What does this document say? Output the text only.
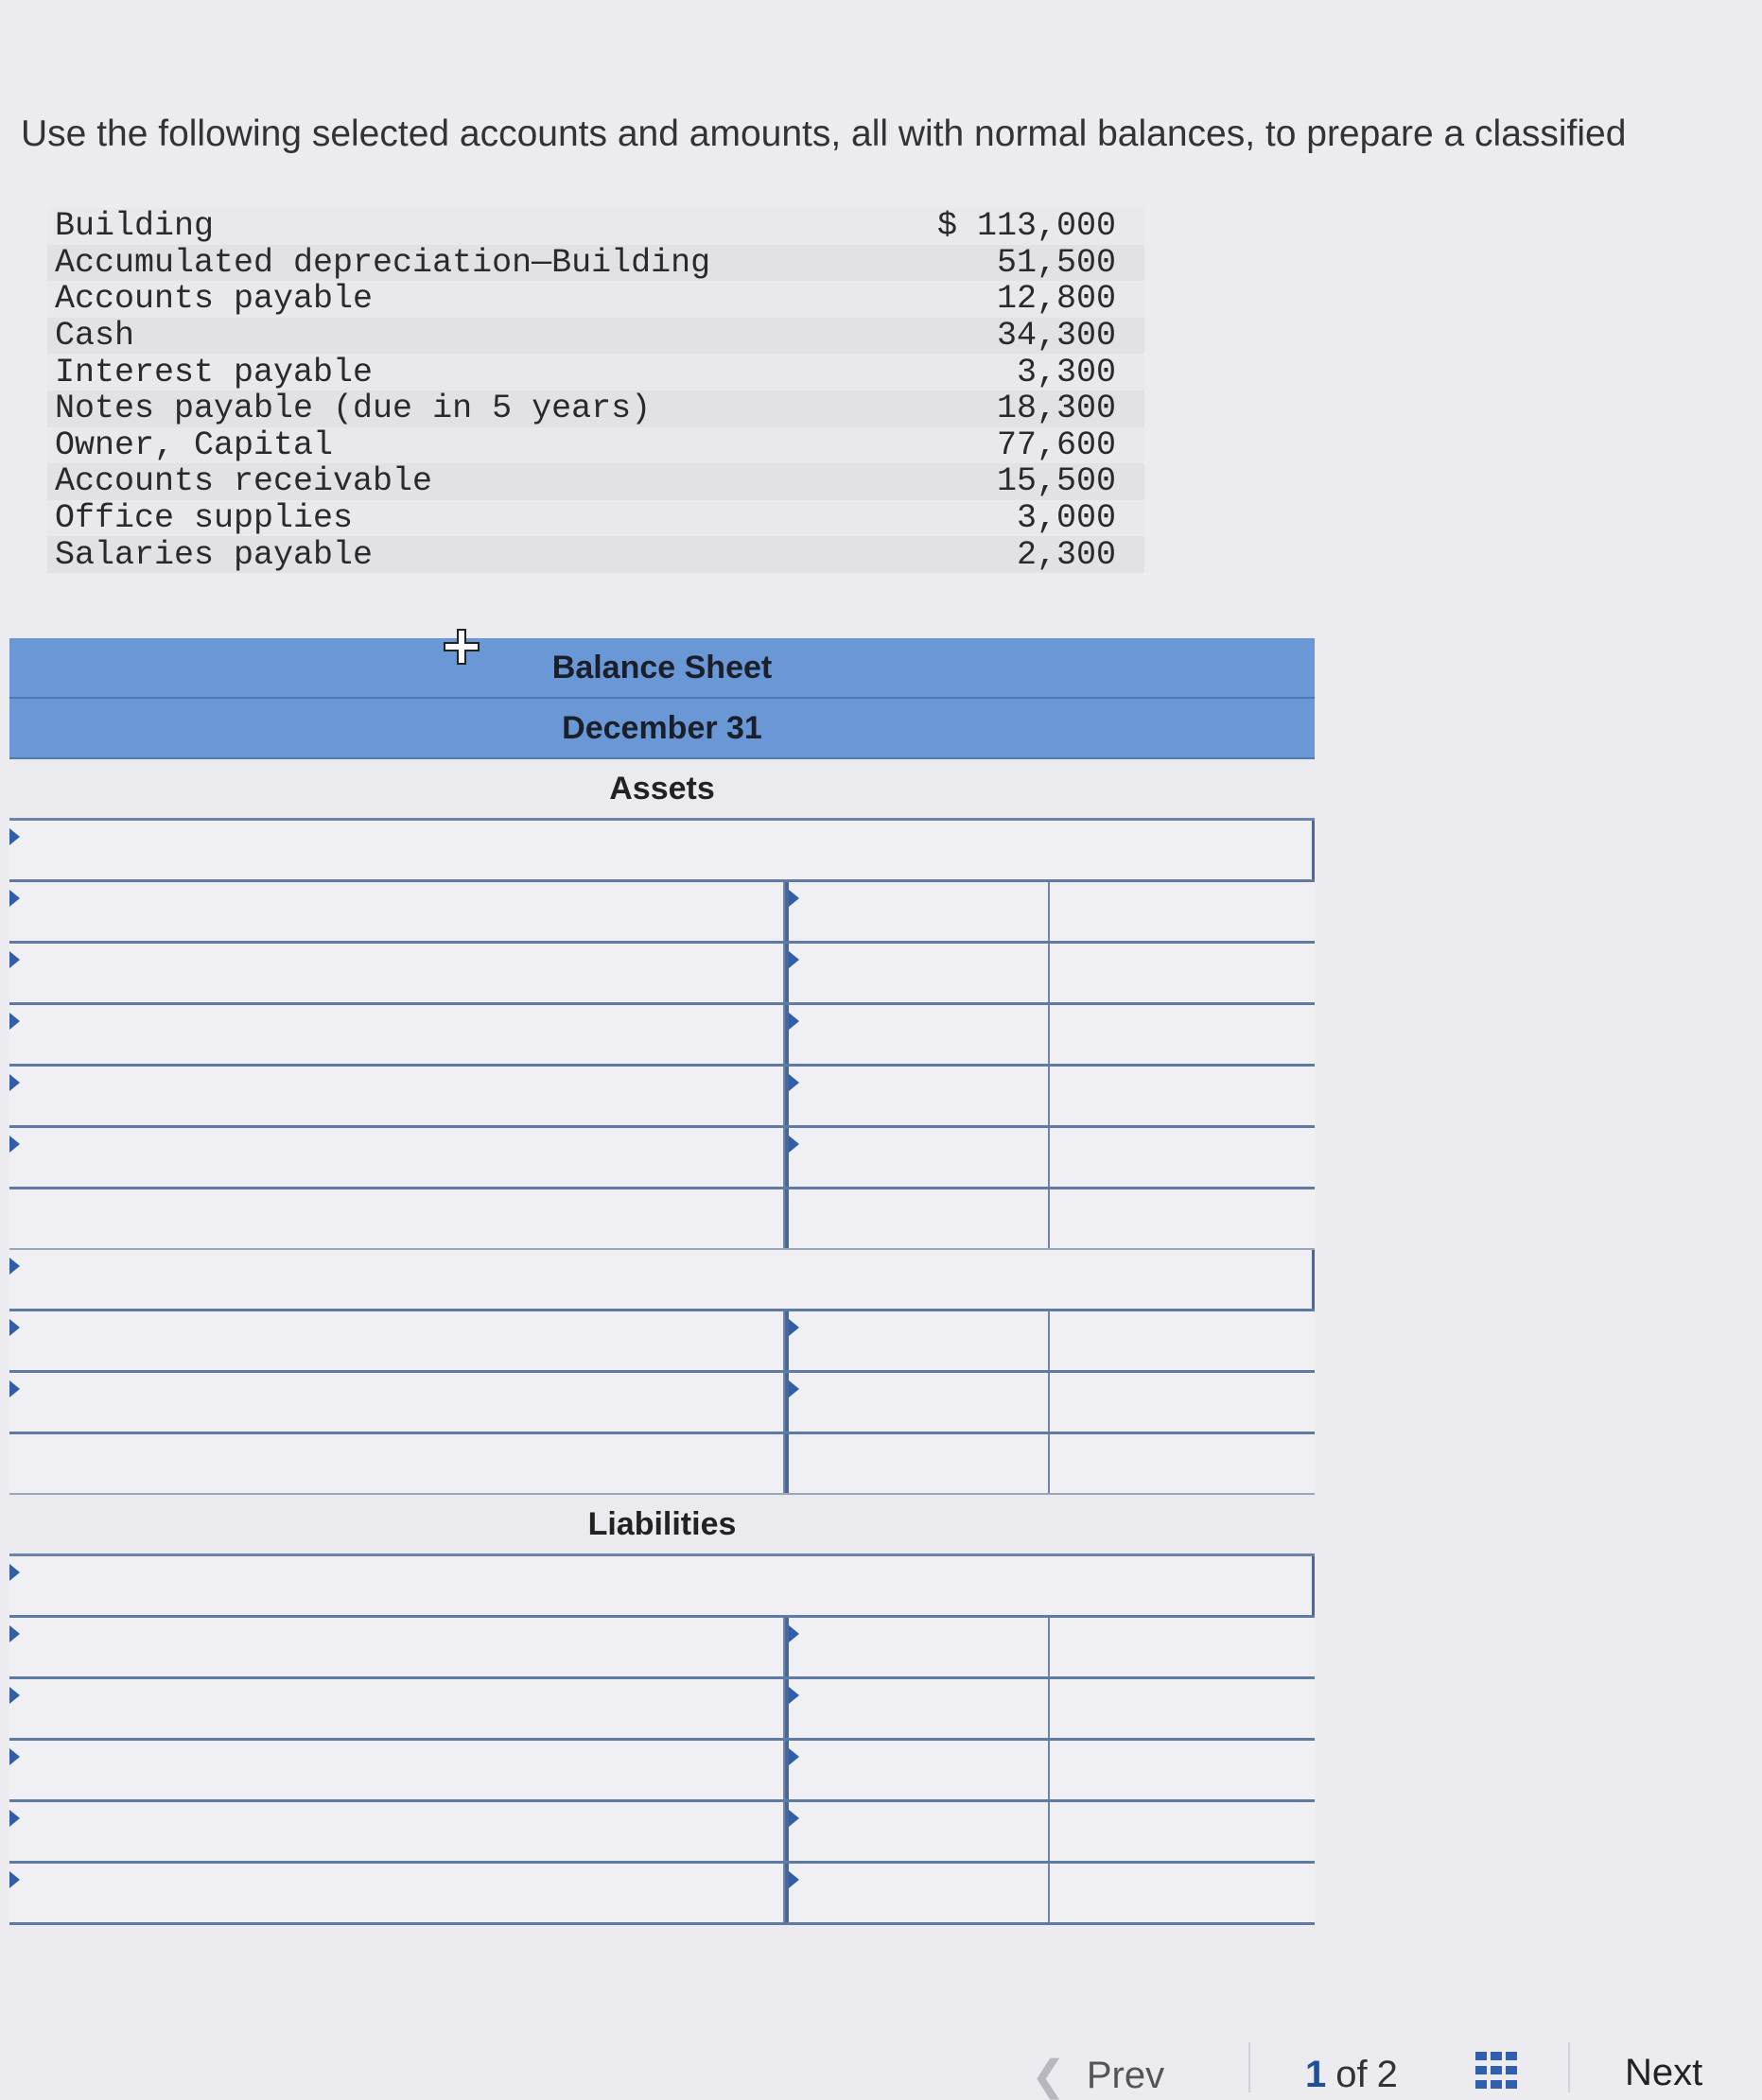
Use the following selected accounts and amounts, all with normal balances, to prepare a classified
Building	$ 113,000
Accumulated depreciation—Building	51,500
Accounts payable	12,800
Cash	34,300
Interest payable	3,300
Notes payable (due in 5 years)	18,300
Owner, Capital	77,600
Accounts receivable	15,500
Office supplies	3,000
Salaries payable	2,300
Balance Sheet
December 31
Assets
Liabilities
❮ Prev	1 of 2	Next
